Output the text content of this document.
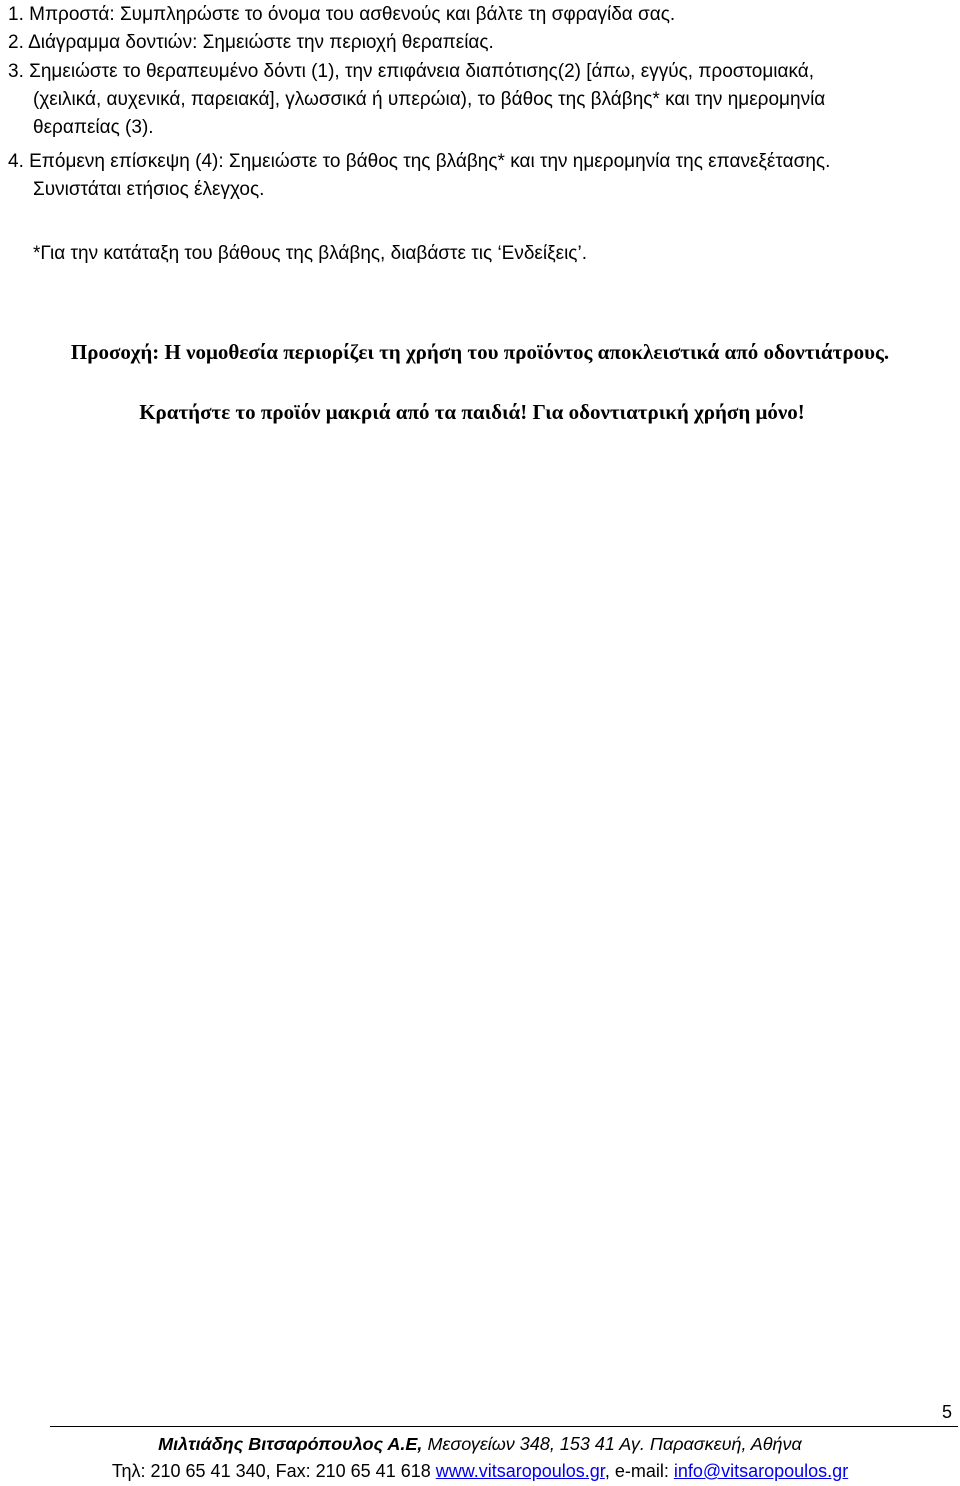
1. Μπροστά: Συμπληρώστε το όνομα του ασθενούς και βάλτε τη σφραγίδα σας.

2. Διάγραμμα δοντιών: Σημειώστε την περιοχή θεραπείας.

3. Σημειώστε το θεραπευμένο δόντι (1), την επιφάνεια διαπότισης(2) [άπω, εγγύς, προστομιακά,

(χειλικά, αυχενικά, παρειακά], γλωσσικά ή υπερώια), το βάθος της βλάβης* και την ημερομηνία

θεραπείας (3).

4. Επόμενη επίσκεψη (4): Σημειώστε το βάθος της βλάβης* και την ημερομηνία της επανεξέτασης.

Συνιστάται ετήσιος έλεγχος.

*Για την κατάταξη του βάθους της βλάβης, διαβάστε τις ‘Ενδείξεις’.

Προσοχή: Η νομοθεσία περιορίζει τη χρήση του προϊόντος αποκλειστικά από οδοντιάτρους.

Κρατήστε το προϊόν μακριά από τα παιδιά! Για οδοντιατρική χρήση μόνο!

5
Μιλτιάδης Βιτσαρόπουλος Α.Ε, Μεσογείων 348, 153 41 Αγ. Παρασκευή, Αθήνα
Τηλ: 210 65 41 340, Fax: 210 65 41 618 www.vitsaropoulos.gr, e-mail: info@vitsaropoulos.gr
